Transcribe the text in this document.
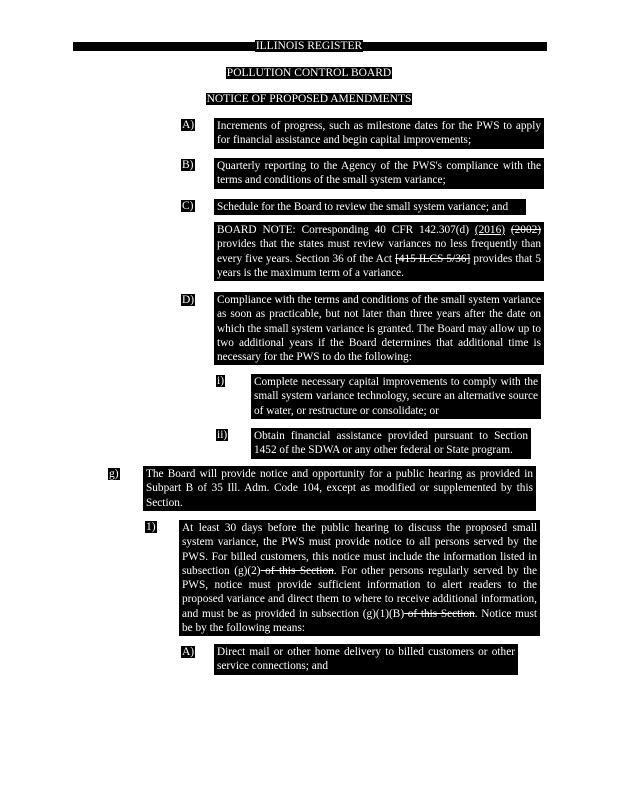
ILLINOIS REGISTER
POLLUTION CONTROL BOARD
NOTICE OF PROPOSED AMENDMENTS
A) Increments of progress, such as milestone dates for the PWS to apply for financial assistance and begin capital improvements;
B) Quarterly reporting to the Agency of the PWS's compliance with the terms and conditions of the small system variance;
C) Schedule for the Board to review the small system variance; and
BOARD NOTE: Corresponding 40 CFR 142.307(d) (2016) (2002) provides that the states must review variances no less frequently than every five years. Section 36 of the Act [415 ILCS 5/36] provides that 5 years is the maximum term of a variance.
D) Compliance with the terms and conditions of the small system variance as soon as practicable, but not later than three years after the date on which the small system variance is granted. The Board may allow up to two additional years if the Board determines that additional time is necessary for the PWS to do the following:
i)	Complete necessary capital improvements to comply with the small system variance technology, secure an alternative source of water, or restructure or consolidate; or
ii) Obtain financial assistance provided pursuant to Section 1452 of the SDWA or any other federal or State program.
g) The Board will provide notice and opportunity for a public hearing as provided in Subpart B of 35 Ill. Adm. Code 104, except as modified or supplemented by this Section.
1) At least 30 days before the public hearing to discuss the proposed small system variance, the PWS must provide notice to all persons served by the PWS. For billed customers, this notice must include the information listed in subsection (g)(2) of this Section. For other persons regularly served by the PWS, notice must provide sufficient information to alert readers to the proposed variance and direct them to where to receive additional information, and must be as provided in subsection (g)(1)(B) of this Section. Notice must be by the following means:
A) Direct mail or other home delivery to billed customers or other service connections; and
